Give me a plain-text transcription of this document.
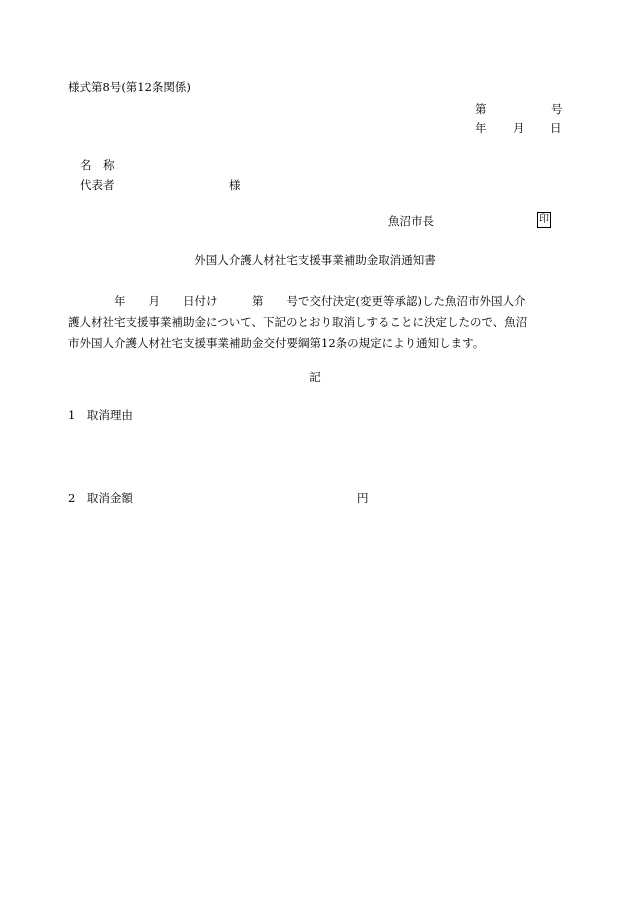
様式第8号(第12条関係)
第	号
年 月 日
名　称
代表者	様
魚沼市長	印
外国人介護人材社宅支援事業補助金取消通知書
　　　　年　　月　　日付け　　　第　　号で交付決定(変更等承認)した魚沼市外国人介
護人材社宅支援事業補助金について、下記のとおり取消しすることに決定したので、魚沼
市外国人介護人材社宅支援事業補助金交付要綱第12条の規定により通知します。
記
1　取消理由
2　取消金額	円
